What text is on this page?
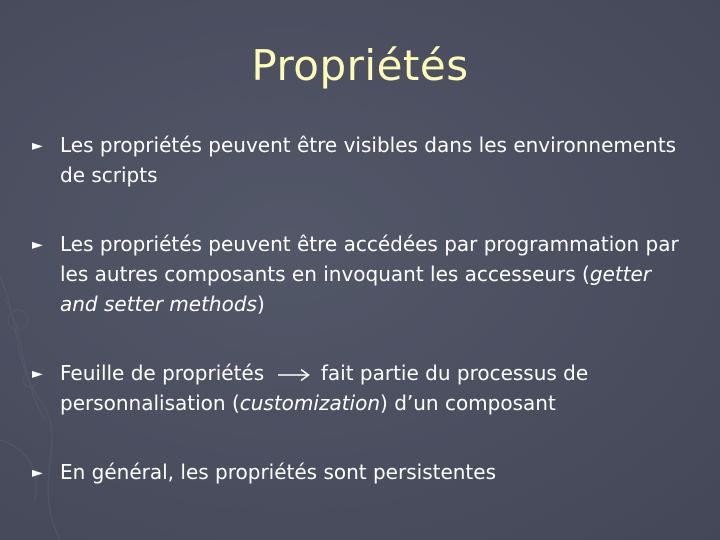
Propriétés
► Les propriétés peuvent être visibles dans les environnements de scripts
► Les propriétés peuvent être accédées par programmation par les autres composants en invoquant les accesseurs (getter and setter methods)
► Feuille de propriétés  fait partie du processus de personnalisation (customization) d’un composant
► En général, les propriétés sont persistentes
